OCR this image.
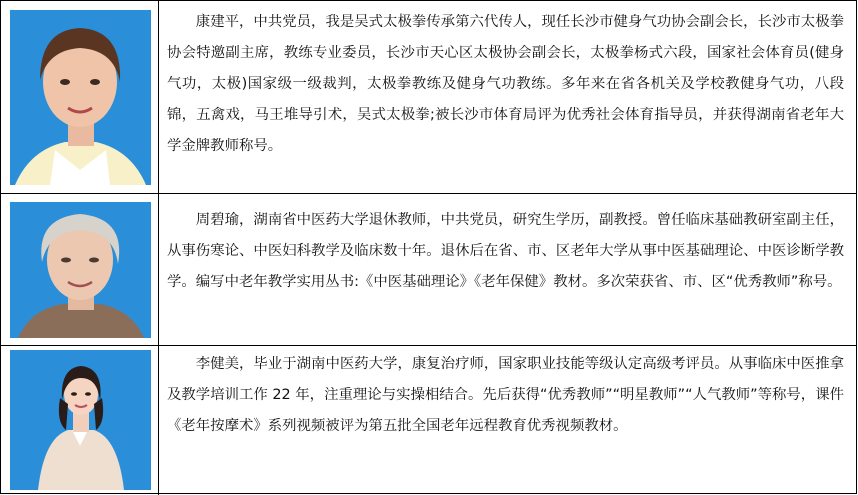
康建平，中共党员，我是吴式太极拳传承第六代传人，现任长沙市健身气功协会副会长，长沙市太极拳协会特邀副主席，教练专业委员，长沙市天心区太极协会副会长，太极拳杨式六段，国家社会体育员(健身气功，太极)国家级一级裁判，太极拳教练及健身气功教练。多年来在省各机关及学校教健身气功，八段锦，五禽戏，马王堆导引术，吴式太极拳;被长沙市体育局评为优秀社会体育指导员，并获得湖南省老年大学金牌教师称号。

周碧瑜，湖南省中医药大学退休教师，中共党员，研究生学历，副教授。曾任临床基础教研室副主任，从事伤寒论、中医妇科教学及临床数十年。退休后在省、市、区老年大学从事中医基础理论、中医诊断学教学。编写中老年教学实用丛书:《中医基础理论》《老年保健》教材。多次荣获省、市、区“优秀教师”称号。

李健美，毕业于湖南中医药大学，康复治疗师，国家职业技能等级认定高级考评员。从事临床中医推拿及教学培训工作 22 年，注重理论与实操相结合。先后获得“优秀教师”“明星教师”“人气教师”等称号，课件《老年按摩术》系列视频被评为第五批全国老年远程教育优秀视频教材。
